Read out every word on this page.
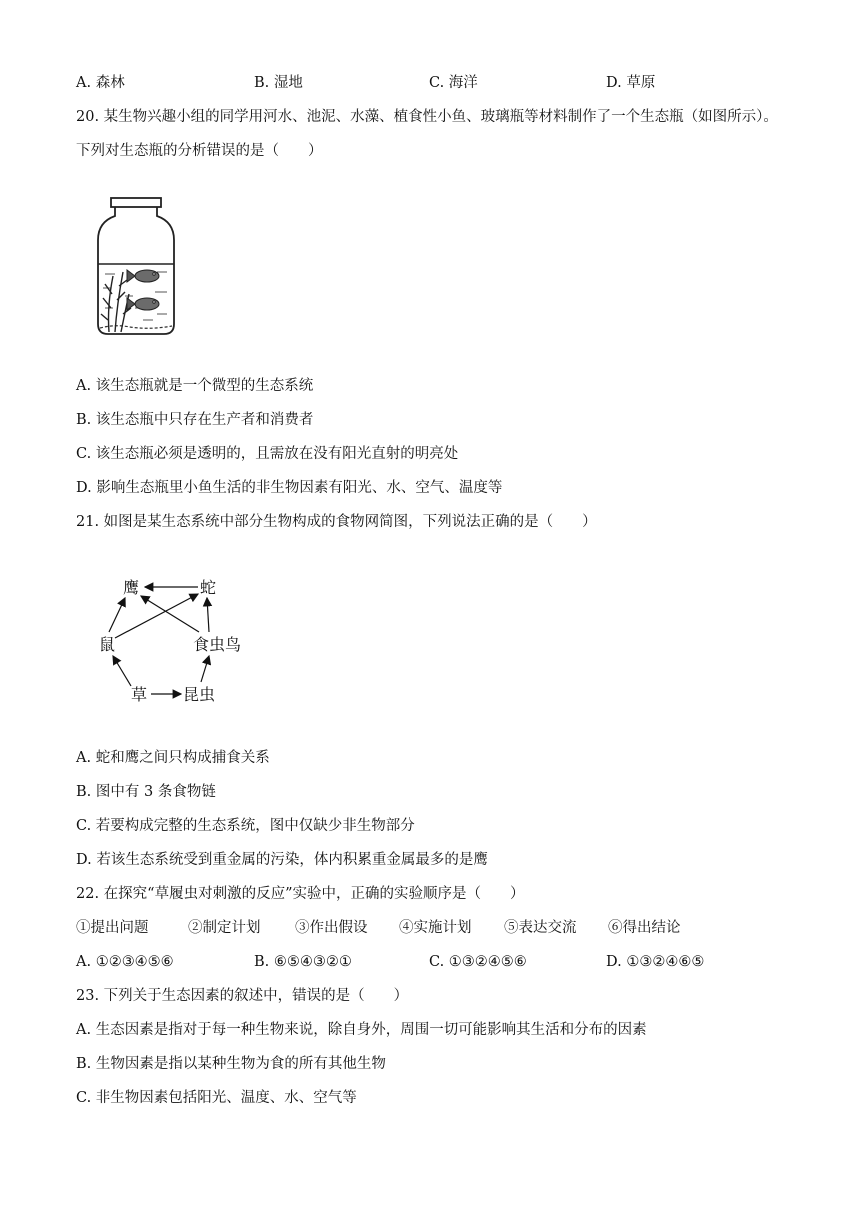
A. 森林	B. 湿地	C. 海洋	D. 草原
20. 某生物兴趣小组的同学用河水、池泥、水藻、植食性小鱼、玻璃瓶等材料制作了一个生态瓶（如图所示）。
下列对生态瓶的分析错误的是（　　）
A. 该生态瓶就是一个微型的生态系统
B. 该生态瓶中只存在生产者和消费者
C. 该生态瓶必须是透明的，且需放在没有阳光直射的明亮处
D. 影响生态瓶里小鱼生活的非生物因素有阳光、水、空气、温度等
21. 如图是某生态系统中部分生物构成的食物网简图，下列说法正确的是（　　）
鹰	蛇
鼠	食虫鸟
草 昆虫
A. 蛇和鹰之间只构成捕食关系
B. 图中有 3 条食物链
C. 若要构成完整的生态系统，图中仅缺少非生物部分
D. 若该生态系统受到重金属的污染，体内积累重金属最多的是鹰
22. 在探究“草履虫对刺激的反应”实验中，正确的实验顺序是（　　）
①提出问题	②制定计划 ③作出假设 ④实施计划 ⑤表达交流 ⑥得出结论
A. ①②③④⑤⑥	B. ⑥⑤④③②①	C. ①③②④⑤⑥	D. ①③②④⑥⑤
23. 下列关于生态因素的叙述中，错误的是（　　）
A. 生态因素是指对于每一种生物来说，除自身外，周围一切可能影响其生活和分布的因素
B. 生物因素是指以某种生物为食的所有其他生物
C. 非生物因素包括阳光、温度、水、空气等
